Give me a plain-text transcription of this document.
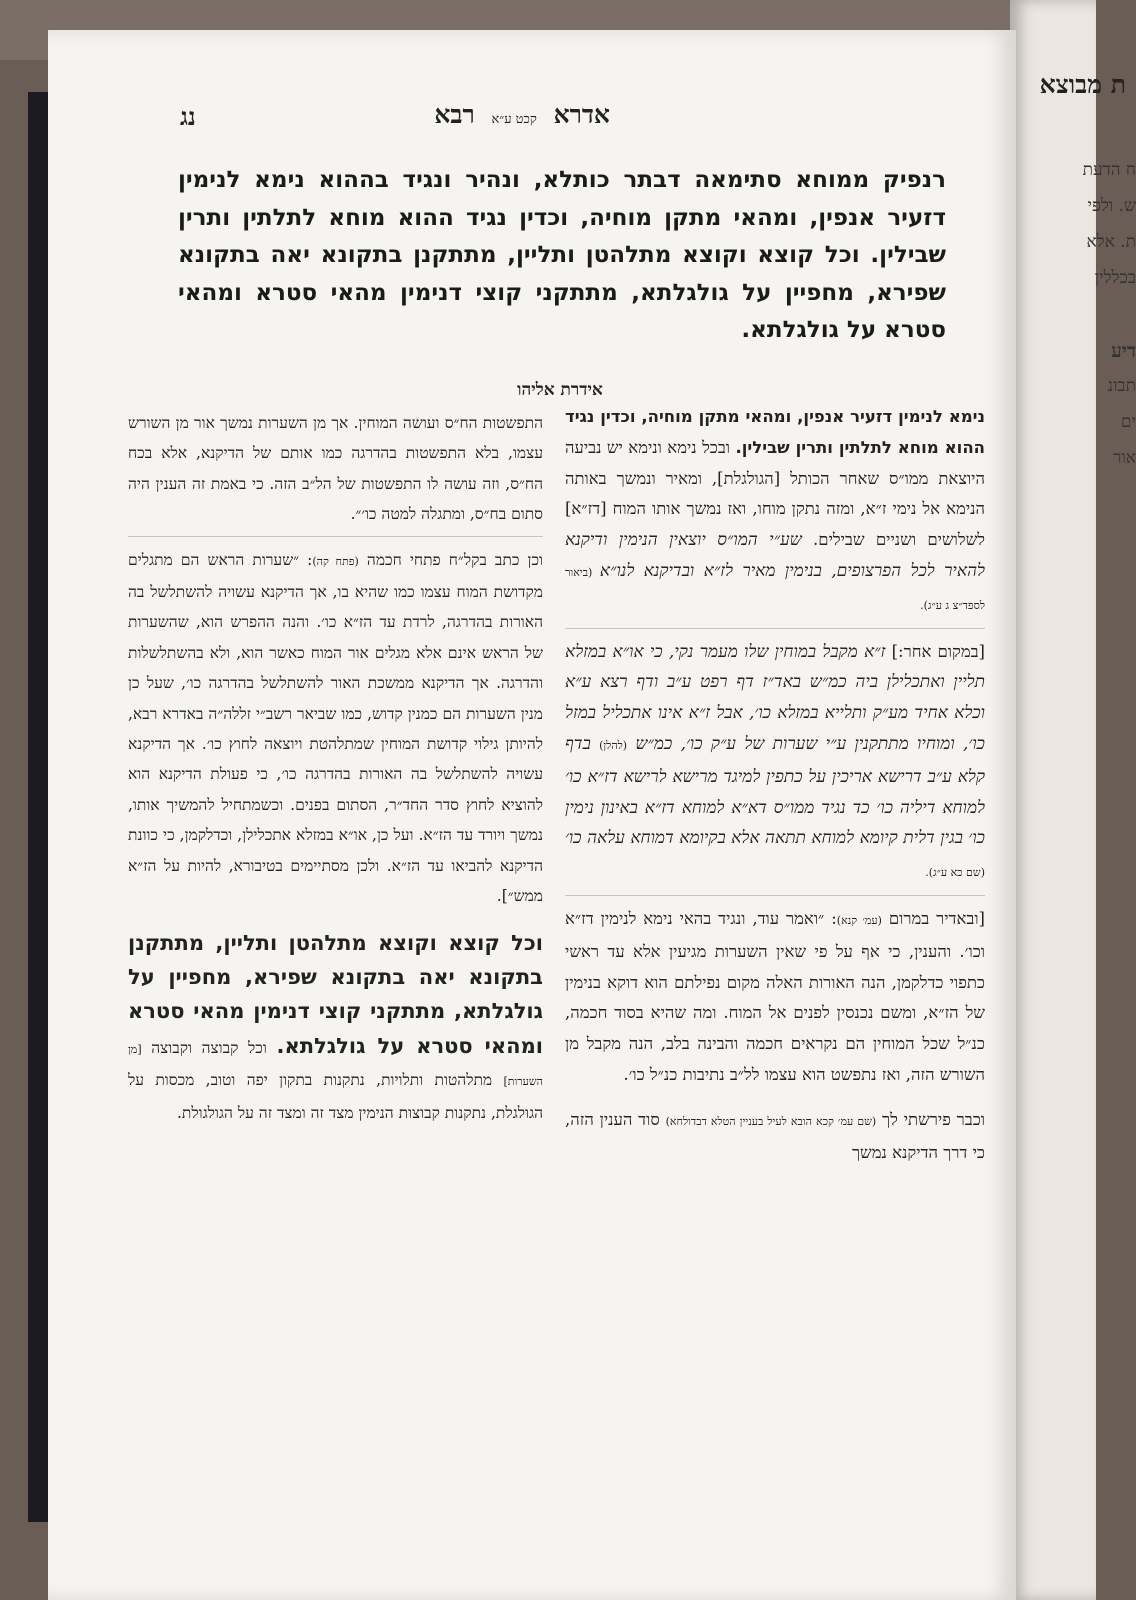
ת מבוצא
ח הדעת
ש. ולפי
ת. אלא
בכללין
דיע
תבונ
ים
אור
אדרא קכט ע״א רבא
נג
רנפיק ממוחא סתימאה דבתר כותלא, ונהיר ונגיד בההוא נימא לנימין דזעיר אנפין, ומהאי מתקן מוחיה, וכדין נגיד ההוא מוחא לתלתין ותרין שבילין. וכל קוצא וקוצא מתלהטן ותליין, מתתקנן בתקונא יאה בתקונא שפירא, מחפיין על גולגלתא, מתתקני קוצי דנימין מהאי סטרא ומהאי סטרא על גולגלתא.
אידרת אליהו

נימא לנימין דזעיר אנפין, ומהאי מתקן מוחיה, וכדין נגיד ההוא מוחא לתלתין ותרין שבילין. ובכל נימא ונימא יש נביעה היוצאת ממו״ס שאחר הכותל [הגולגלת], ומאיר ונמשך באותה הנימא אל נימי ז״א, ומזה נתקן מוחו, ואז נמשך אותו המוח [דז״א] לשלושים ושניים שבילים. שע״י המו״ס יוצאין הנימין ודיקנא להאיר לכל הפרצופים, בנימין מאיר לז״א ובדיקנא לנו״א (ביאור לספד״צ ג ע״ג).

[במקום אחר:] ז״א מקבל במוחין שלו מעמר נקי, כי או״א במזלא תליין ואתכלילן ביה כמ״ש באד״ז דף רפט ע״ב ודף רצא ע״א וכלא אחיד מע״ק ותלייא במזלא כו׳, אבל ז״א אינו אתכליל במזל כו׳, ומוחיו מתתקנין ע״י שערות של ע״ק כו׳, כמ״ש (להלן) בדף קלא ע״ב דרישא אריכין על כתפין למיגד מרישא לרישא דז״א כו׳ למוחא דיליה כו׳ כד נגיד ממו״ס דא״א למוחא דז״א באינון נימין כו׳ בגין דלית קיומא למוחא תתאה אלא בקיומא דמוחא עלאה כו׳ (שם כא ע״ג).

[ובאדיר במרום (עמ׳ קנא): ״ואמר עוד, ונגיד בהאי נימא לנימין דז״א וכו׳. והענין, כי אף על פי שאין השערות מגיעין אלא עד ראשי כתפוי כדלקמן, הנה האורות האלה מקום נפילתם הוא דוקא בנימין של הז״א, ומשם נכנסין לפנים אל המוח. ומה שהיא בסוד חכמה, כנ״ל שכל המוחין הם נקראים חכמה והבינה בלב, הנה מקבל מן השורש הזה, ואז נתפשט הוא עצמו לל״ב נתיבות כנ״ל כו׳.

וכבר פירשתי לך (שם עמ׳ קכא הובא לעיל בעניין הטלא דבדולחא) סוד הענין הזה, כי דרך הדיקנא נמשך

התפשטות הח״ס ועושה המוחין. אך מן השערות נמשך אור מן השורש עצמו, בלא התפשטות בהדרגה כמו אותם של הדיקנא, אלא בכח הח״ס, וזה עושה לו התפשטות של הל״ב הזה. כי באמת זה הענין היה סתום בח״ס, ומתגלה למטה כו׳״.

וכן כתב בקל״ח פתחי חכמה (פתח קה): ״שערות הראש הם מתגלים מקדושת המוח עצמו כמו שהיא בו, אך הדיקנא עשויה להשתלשל בה האורות בהדרגה, לרדת עד הז״א כו׳. והנה ההפרש הוא, שהשערות של הראש אינם אלא מגלים אור המוח כאשר הוא, ולא בהשתלשלות והדרגה. אך הדיקנא ממשכת האור להשתלשל בהדרגה כו׳, שעל כן מנין השערות הם כמנין קדוש, כמו שביאר רשב״י זללה״ה באדרא רבא, להיותן גילוי קדושת המוחין שמתלהטת ויוצאה לחוץ כו׳. אך הדיקנא עשויה להשתלשל בה האורות בהדרגה כו׳, כי פעולת הדיקנא הוא להוציא לחוץ סדר החד״ר, הסתום בפנים. וכשמתחיל להמשיך אותו, נמשך ויורד עד הז״א. ועל כן, או״א במזלא אתכלילן, וכדלקמן, כי כוונת הדיקנא להביאו עד הז״א. ולכן מסתיימים בטיבורא, להיות על הז״א ממש״].

וכל קוצא וקוצא מתלהטן ותליין, מתתקנן בתקונא יאה בתקונא שפירא, מחפיין על גולגלתא, מתתקני קוצי דנימין מהאי סטרא ומהאי סטרא על גולגלתא. וכל קבוצה וקבוצה [מן השערות] מתלהטות ותלויות, נתקנות בתקון יפה וטוב, מכסות על הגולגלת, נתקנות קבוצות הנימין מצד זה ומצד זה על הגולגולת.
